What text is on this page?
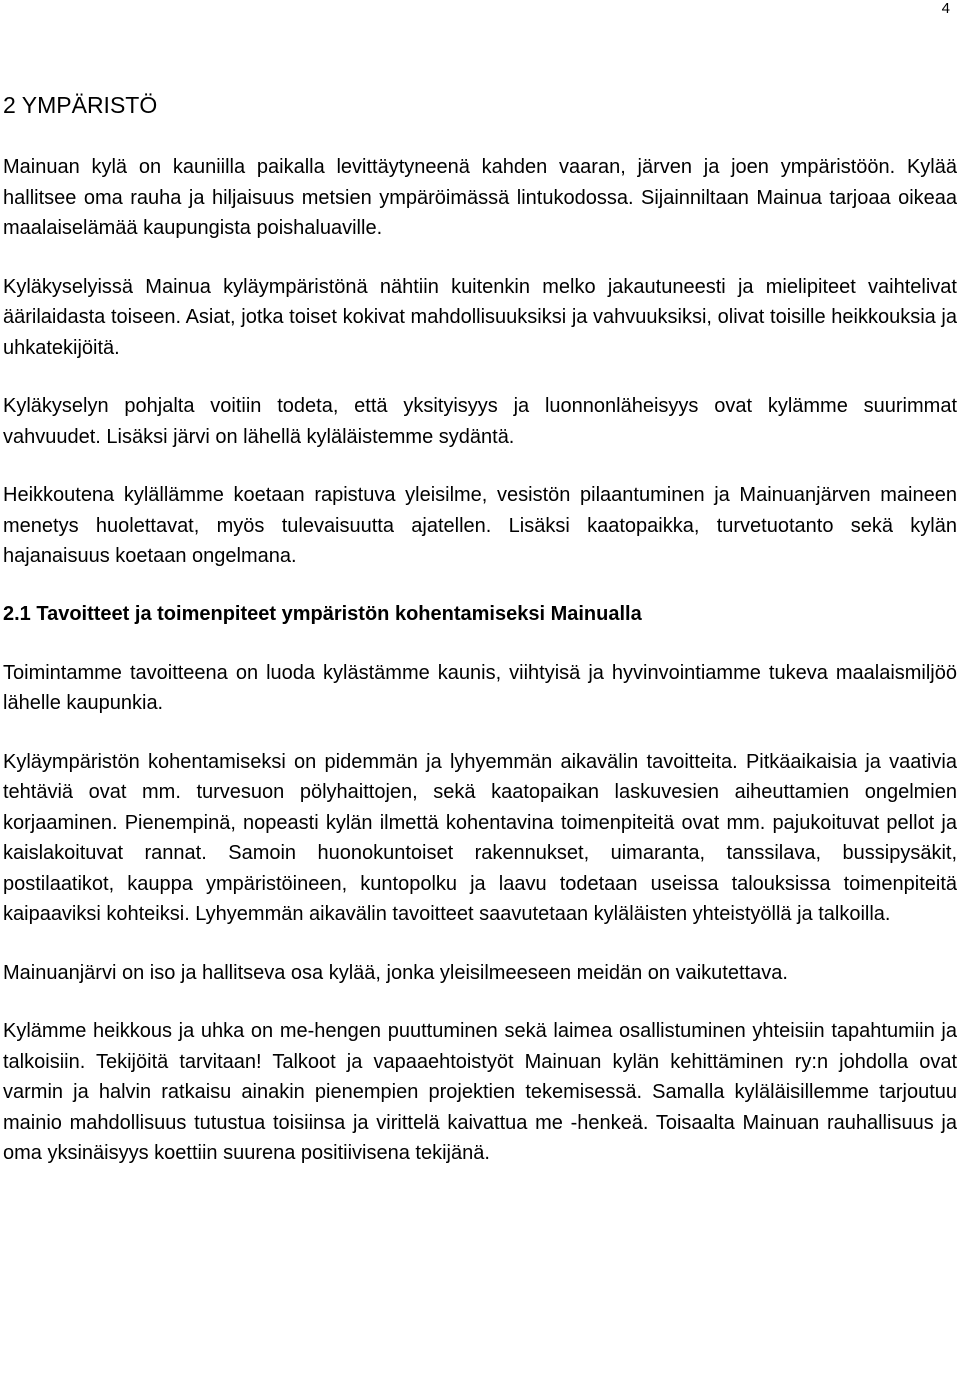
4
2 YMPÄRISTÖ

Mainuan kylä on kauniilla paikalla levittäytyneenä kahden vaaran, järven ja joen ympäristöön. Kylää hallitsee oma rauha ja hiljaisuus metsien ympäröimässä lintukodossa. Sijainniltaan Mainua tarjoaa oikeaa maalaiselämää kaupungista poishaluaville.

Kyläkyselyissä Mainua kyläympäristönä nähtiin kuitenkin melko jakautuneesti ja mielipiteet vaihtelivat äärilaidasta toiseen. Asiat, jotka toiset kokivat mahdollisuuksiksi ja vahvuuksiksi, olivat toisille heikkouksia ja uhkatekijöitä.

Kyläkyselyn pohjalta voitiin todeta, että yksityisyys ja luonnonläheisyys ovat kylämme suurimmat vahvuudet. Lisäksi järvi on lähellä kyläläistemme sydäntä.

Heikkoutena kylällämme koetaan rapistuva yleisilme, vesistön pilaantuminen ja Mainuanjärven maineen menetys huolettavat, myös tulevaisuutta ajatellen. Lisäksi kaatopaikka, turvetuotanto sekä kylän hajanaisuus koetaan ongelmana.

2.1 Tavoitteet ja toimenpiteet ympäristön kohentamiseksi Mainualla

Toimintamme tavoitteena on luoda kylästämme kaunis, viihtyisä ja hyvinvointiamme tukeva maalaismiljöö lähelle kaupunkia.

Kyläympäristön kohentamiseksi on pidemmän ja lyhyemmän aikavälin tavoitteita. Pitkäaikaisia ja vaativia tehtäviä ovat mm. turvesuon pölyhaittojen, sekä kaatopaikan laskuvesien aiheuttamien ongelmien korjaaminen. Pienempinä, nopeasti kylän ilmettä kohentavina toimenpiteitä ovat mm. pajukoituvat pellot ja kaislakoituvat rannat. Samoin huonokuntoiset rakennukset, uimaranta, tanssilava, bussipysäkit, postilaatikot, kauppa ympäristöineen, kuntopolku ja laavu todetaan useissa talouksissa toimenpiteitä kaipaaviksi kohteiksi. Lyhyemmän aikavälin tavoitteet saavutetaan kyläläisten yhteistyöllä ja talkoilla.

Mainuanjärvi on iso ja hallitseva osa kylää, jonka yleisilmeeseen meidän on vaikutettava.

Kylämme heikkous ja uhka on me-hengen puuttuminen sekä laimea osallistuminen yhteisiin tapahtumiin ja talkoisiin. Tekijöitä tarvitaan! Talkoot ja vapaaehtoistyöt Mainuan kylän kehittäminen ry:n johdolla ovat varmin ja halvin ratkaisu ainakin pienempien projektien tekemisessä. Samalla kyläläisillemme tarjoutuu mainio mahdollisuus tutustua toisiinsa ja virittelä kaivattua me -henkeä. Toisaalta Mainuan rauhallisuus ja oma yksinäisyys koettiin suurena positiivisena tekijänä.
